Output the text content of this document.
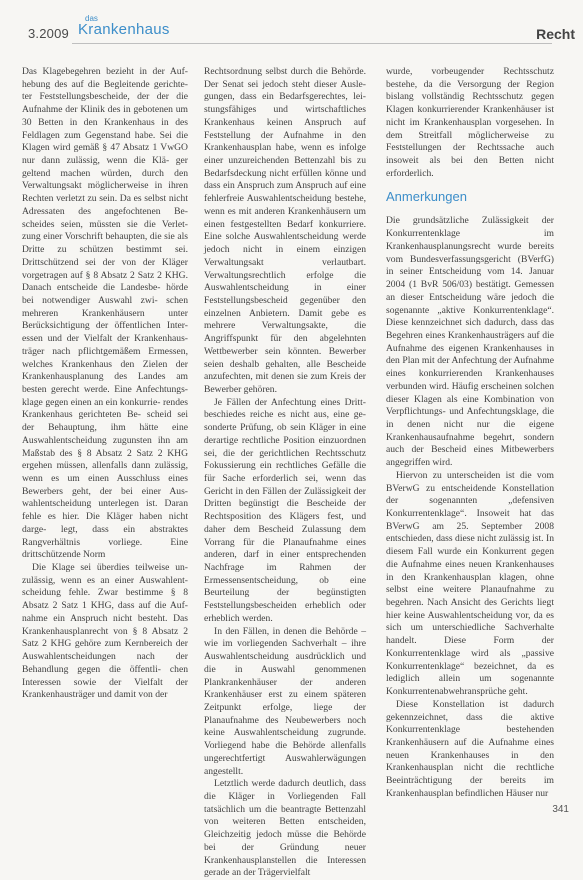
3.2009
das
Krankenhaus	Recht

Das Klagebegehren bezieht in der Auf- hebung des auf die Begleitende gerichte- ter Feststellungsbescheide, der der die Aufnahme der Klinik des in gebotenen um 30 Betten in den Krankenhaus in des Feldlagen zum Gegenstand habe. Sei die Klagen wird gemäß § 47 Absatz 1 VwGO nur dann zulässig, wenn die Klä- ger geltend machen würden, durch den Verwaltungsakt möglicherweise in ihren Rechten verletzt zu sein. Da es selbst nicht Adressaten des angefochtenen Be- scheides seien, müssten sie die Verlet- zung einer Vorschrift behaupten, die sie als Dritte zu schützen bestimmt sei. Drittschützend sei der von der Kläger vorgetragen auf § 8 Absatz 2 Satz 2 KHG. Danach entscheide die Landesbe- hörde bei notwendiger Auswahl zwi- schen mehreren Krankenhäusern unter Berücksichtigung der öffentlichen Inter- essen und der Vielfalt der Krankenhaus- träger nach pflichtgemäßem Ermessen, welches Krankenhaus den Zielen der Krankenhausplanung des Landes am besten gerecht werde. Eine Anfechtungs- klage gegen einen an ein konkurrie- rendes Krankenhaus gerichteten Be- scheid sei der Behauptung, ihm hätte eine Auswahlentscheidung zugunsten ihn am Maßstab des § 8 Absatz 2 Satz 2 KHG ergehen müssen, allenfalls dann zulässig, wenn es um einen Ausschluss eines Bewerbers geht, der bei einer Aus- wahlentscheidung unterlegen ist. Daran fehle es hier. Die Kläger haben nicht darge- legt, dass ein abstraktes Rangverhältnis vorliege. Eine drittschützende Norm

Die Klage sei überdies teilweise un- zulässig, wenn es an einer Auswahlent- scheidung fehle. Zwar bestimme § 8 Absatz 2 Satz 1 KHG, dass auf die Auf- nahme ein Anspruch nicht besteht. Das Krankenhausplanrecht von § 8 Absatz 2 Satz 2 KHG gehöre zum Kernbereich der Auswahlentscheidungen nach der Behandlung gegen die öffentli- chen Interessen sowie der Vielfalt der Krankenhausträger und damit von der

Rechtsordnung selbst durch die Behörde. Der Senat sei jedoch steht dieser Ausle- gungen, dass ein Bedarfsgerechtes, lei- stungsfähiges und wirtschaftliches Krankenhaus keinen Anspruch auf Feststellung der Aufnahme in den Krankenhausplan habe, wenn es infolge einer unzureichenden Bettenzahl bis zu Bedarfsdeckung nicht erfüllen könne und dass ein Anspruch zum Anspruch auf eine fehlerfreie Auswahlentscheidung bestehe, wenn es mit anderen Krankenhäusern um einen festgestellten Bedarf konkurriere. Eine solche Auswahlentscheidung werde jedoch nicht in einem einzigen Verwaltungsakt verlautbart. Verwaltungsrechtlich erfolge die Auswahlentscheidung in einer Feststellungsbescheid gegenüber den einzelnen Anbietern. Damit gebe es mehrere Verwaltungsakte, die Angriffspunkt für den abgelehnten Wettbewerber sein könnten. Bewerber seien deshalb gehalten, alle Bescheide anzufechten, mit denen sie zum Kreis der Bewerber gehören.

Je Fällen der Anfechtung eines Dritt- beschiedes reiche es nicht aus, eine ge- sonderte Prüfung, ob sein Kläger in eine derartige rechtliche Position einzuordnen sei, die der gerichtlichen Rechtsschutz Fokussierung ein rechtliches Gefälle die für Sache erforderlich sei, wenn das Gericht in den Fällen der Zulässigkeit der Dritten begünstigt die Bescheide der Rechtsposition des Klägers fest, und daher dem Bescheid Zulassung dem Vorrang für die Planaufnahme eines anderen, darf in einer entsprechenden Nachfrage im Rahmen der Ermessensentscheidung, ob eine Beurteilung der begünstigten Feststellungsbescheiden erheblich oder erheblich werden.

In den Fällen, in denen die Behörde – wie im vorliegenden Sachverhalt – ihre Auswahlentscheidung ausdrücklich und die in Auswahl genommenen Plankrankenhäuser der anderen Krankenhäuser erst zu einem späteren Zeitpunkt erfolge, liege der Planaufnahme des Neubewerbers noch keine Auswahlentscheidung zugrunde. Vorliegend habe die Behörde allenfalls ungerechtfertigt Auswahlerwägungen angestellt.

Letztlich werde dadurch deutlich, dass die Kläger in Vorliegenden Fall tatsächlich um die beantragte Bettenzahl von weiteren Betten entscheiden, Gleichzeitig jedoch müsse die Behörde bei der Gründung neuer Krankenhausplanstellen die Interessen gerade an der Trägervielfalt

wurde, vorbeugender Rechtsschutz bestehe, da die Versorgung der Region bislang vollständig Rechtsschutz gegen Klagen konkurrierender Krankenhäuser ist nicht im Krankenhausplan vorgesehen. In dem Streitfall möglicherweise zu Feststellungen der Rechtssache auch insoweit als bei den Betten nicht erforderlich.

Anmerkungen

Die grundsätzliche Zulässigkeit der Konkurrentenklage im Krankenhausplanungsrecht wurde bereits vom Bundesverfassungsgericht (BVerfG) in seiner Entscheidung vom 14. Januar 2004 (1 BvR 506/03) bestätigt. Gemessen an dieser Entscheidung wäre jedoch die sogenannte „aktive Konkurrentenklage“. Diese kennzeichnet sich dadurch, dass das Begehren eines Krankenhausträgers auf die Aufnahme des eigenen Krankenhauses in den Plan mit der Anfechtung der Aufnahme eines konkurrierenden Krankenhauses verbunden wird. Häufig erscheinen solchen dieser Klagen als eine Kombination von Verpflichtungs- und Anfechtungsklage, die in denen nicht nur die eigene Krankenhausaufnahme begehrt, sondern auch der Bescheid eines Mitbewerbers angegriffen wird.

Hiervon zu unterscheiden ist die vom BVerwG zu entscheidende Konstellation der sogenannten „defensiven Konkurrentenklage“. Insoweit hat das BVerwG am 25. September 2008 entschieden, dass diese nicht zulässig ist. In diesem Fall wurde ein Konkurrent gegen die Aufnahme eines neuen Krankenhauses in den Krankenhausplan klagen, ohne selbst eine weitere Planaufnahme zu begehren. Nach Ansicht des Gerichts liegt hier keine Auswahlentscheidung vor, da es sich um unterschiedliche Sachverhalte handelt. Diese Form der Konkurrentenklage wird als „passive Konkurrentenklage“ bezeichnet, da es lediglich allein um sogenannte Konkurrentenabwehransprüche geht.

Diese Konstellation ist dadurch gekennzeichnet, dass die aktive Konkurrentenklage bestehenden Krankenhäusern auf die Aufnahme eines neuen Krankenhauses in den Krankenhausplan nicht die rechtliche Beeinträchtigung der bereits im Krankenhausplan befindlichen Häuser nur

341
